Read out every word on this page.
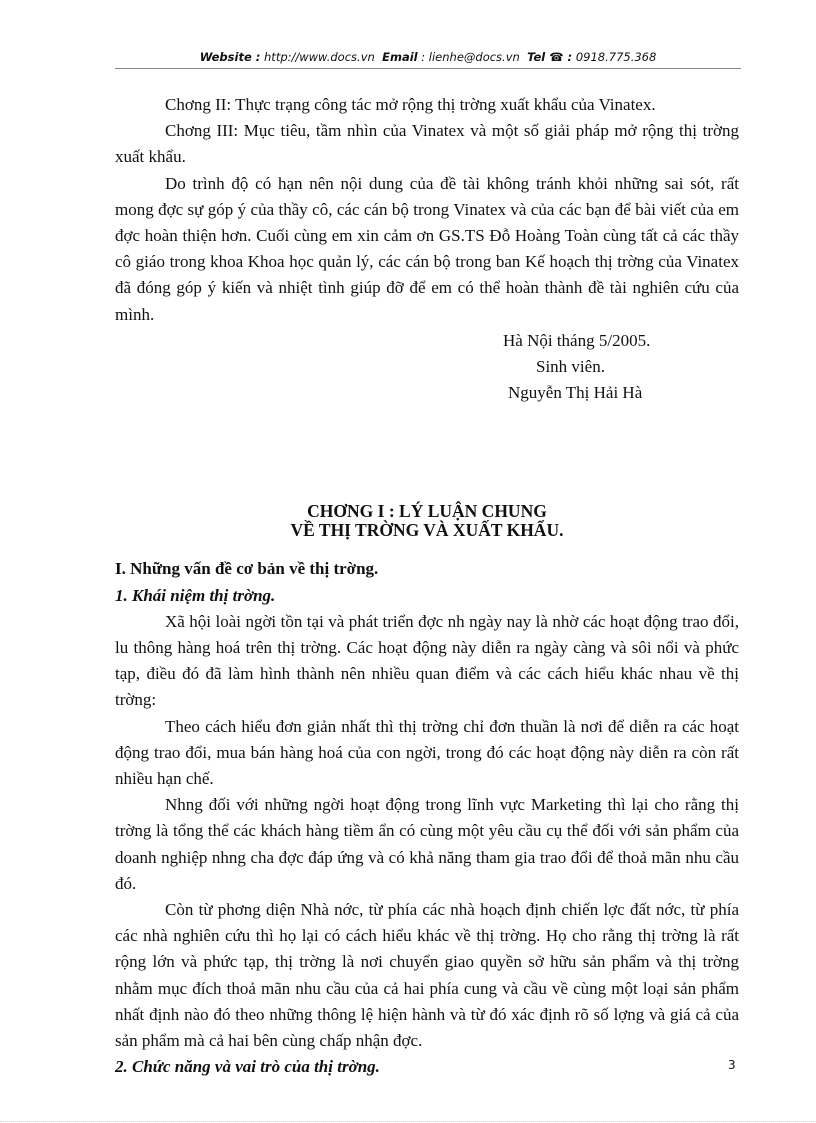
Website : http://www.docs.vn Email : lienhe@docs.vn Tel ☎ : 0918.775.368

Chơng II: Thực trạng công tác mở rộng thị trờng xuất khẩu của Vinatex.

Chơng III: Mục tiêu, tầm nhìn của Vinatex và một số giải pháp mở rộng thị trờng xuất khẩu.

Do trình độ có hạn nên nội dung của đề tài không tránh khỏi những sai sót, rất mong đợc sự góp ý của thầy cô, các cán bộ trong Vinatex và của các bạn để bài viết của em đợc hoàn thiện hơn. Cuối cùng em xin cảm ơn GS.TS Đỗ Hoàng Toàn cùng tất cả các thầy cô giáo trong khoa Khoa học quản lý, các cán bộ trong ban Kế hoạch thị trờng của Vinatex đã đóng góp ý kiến và nhiệt tình giúp đỡ để em có thể hoàn thành đề tài nghiên cứu của mình.

Hà Nội tháng 5/2005.

Sinh viên.

Nguyễn Thị Hải Hà

CHƠNG I : LÝ LUẬN CHUNG
VỀ THỊ TRỜNG VÀ XUẤT KHẨU.

I. Những vấn đề cơ bản về thị trờng.

1. Khái niệm thị trờng.

Xã hội loài ngời tồn tại và phát triển đợc nh ngày nay là nhờ các hoạt động trao đổi, lu thông hàng hoá trên thị trờng. Các hoạt động này diễn ra ngày càng và sôi nổi và phức tạp, điều đó đã làm hình thành nên nhiều quan điểm và các cách hiểu khác nhau về thị trờng:

Theo cách hiểu đơn giản nhất thì thị trờng chỉ đơn thuần là nơi để diễn ra các hoạt động trao đổi, mua bán hàng hoá của con ngời, trong đó các hoạt động này diễn ra còn rất nhiều hạn chế.

Nhng đối với những ngời hoạt động trong lĩnh vực Marketing thì lại cho rằng thị trờng là tổng thể các khách hàng tiềm ẩn có cùng một yêu cầu cụ thể đối với sản phẩm của doanh nghiệp nhng cha đợc đáp ứng và có khả năng tham gia trao đổi để thoả mãn nhu cầu đó.

Còn từ phơng diện Nhà nớc, từ phía các nhà hoạch định chiến lợc đất nớc, từ phía các nhà nghiên cứu thì họ lại có cách hiểu khác về thị trờng. Họ cho rằng thị trờng là rất rộng lớn và phức tạp, thị trờng là nơi chuyển giao quyền sở hữu sản phẩm và thị trờng nhằm mục đích thoả mãn nhu cầu của cả hai phía cung và cầu về cùng một loại sản phẩm nhất định nào đó theo những thông lệ hiện hành và từ đó xác định rõ số lợng và giá cả của sản phẩm mà cả hai bên cùng chấp nhận đợc.

2. Chức năng và vai trò của thị trờng.	3
